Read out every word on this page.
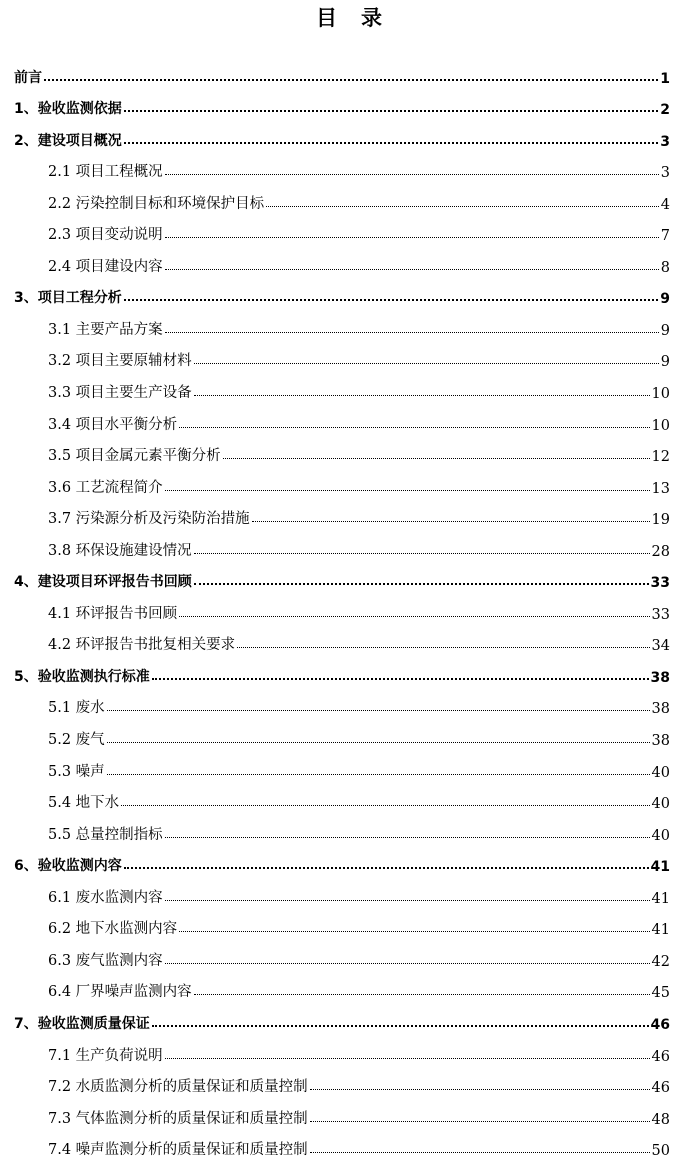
目 录
前言	1
1、验收监测依据	2
2、建设项目概况	3
2.1 项目工程概况	3
2.2 污染控制目标和环境保护目标	4
2.3 项目变动说明	7
2.4 项目建设内容	8
3、项目工程分析	9
3.1 主要产品方案	9
3.2 项目主要原辅材料	9
3.3 项目主要生产设备	10
3.4 项目水平衡分析	10
3.5 项目金属元素平衡分析	12
3.6 工艺流程简介	13
3.7 污染源分析及污染防治措施	19
3.8 环保设施建设情况	28
4、建设项目环评报告书回顾	33
4.1 环评报告书回顾	33
4.2 环评报告书批复相关要求	34
5、验收监测执行标准	38
5.1 废水	38
5.2 废气	38
5.3 噪声	40
5.4 地下水	40
5.5 总量控制指标	40
6、验收监测内容	41
6.1 废水监测内容	41
6.2 地下水监测内容	41
6.3 废气监测内容	42
6.4 厂界噪声监测内容	45
7、验收监测质量保证	46
7.1 生产负荷说明	46
7.2 水质监测分析的质量保证和质量控制	46
7.3 气体监测分析的质量保证和质量控制	48
7.4 噪声监测分析的质量保证和质量控制	50
